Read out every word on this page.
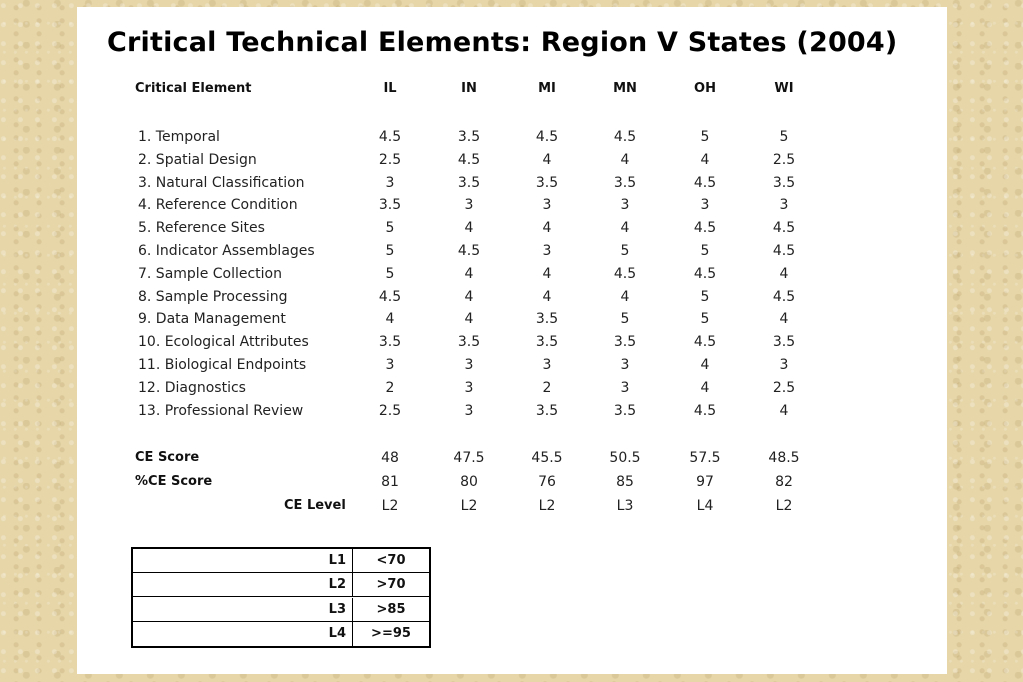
Critical Technical Elements: Region V States (2004)
L1	<70
L2	>70
L3	>85
L4	>=95
Critical Element	IL	IN	MI	MN	OH	WI
1. Temporal	4.5	3.5	4.5	4.5	5	5
2. Spatial Design	2.5	4.5	4	4	4	2.5
3. Natural Classification	3	3.5	3.5	3.5	4.5	3.5
4. Reference Condition	3.5	3	3	3	3	3
5. Reference Sites	5	4	4	4	4.5	4.5
6. Indicator Assemblages	5	4.5	3	5	5	4.5
7. Sample Collection	5	4	4	4.5	4.5	4
8. Sample Processing	4.5	4	4	4	5	4.5
9. Data Management	4	4	3.5	5	5	4
10. Ecological Attributes	3.5	3.5	3.5	3.5	4.5	3.5
11. Biological Endpoints	3	3	3	3	4	3
12. Diagnostics	2	3	2	3	4	2.5
13. Professional Review	2.5	3	3.5	3.5	4.5	4
CE Score	48	47.5	45.5	50.5	57.5	48.5
%CE Score	81	80	76	85	97	82
CE Level	L2	L2	L2	L3	L4	L2
